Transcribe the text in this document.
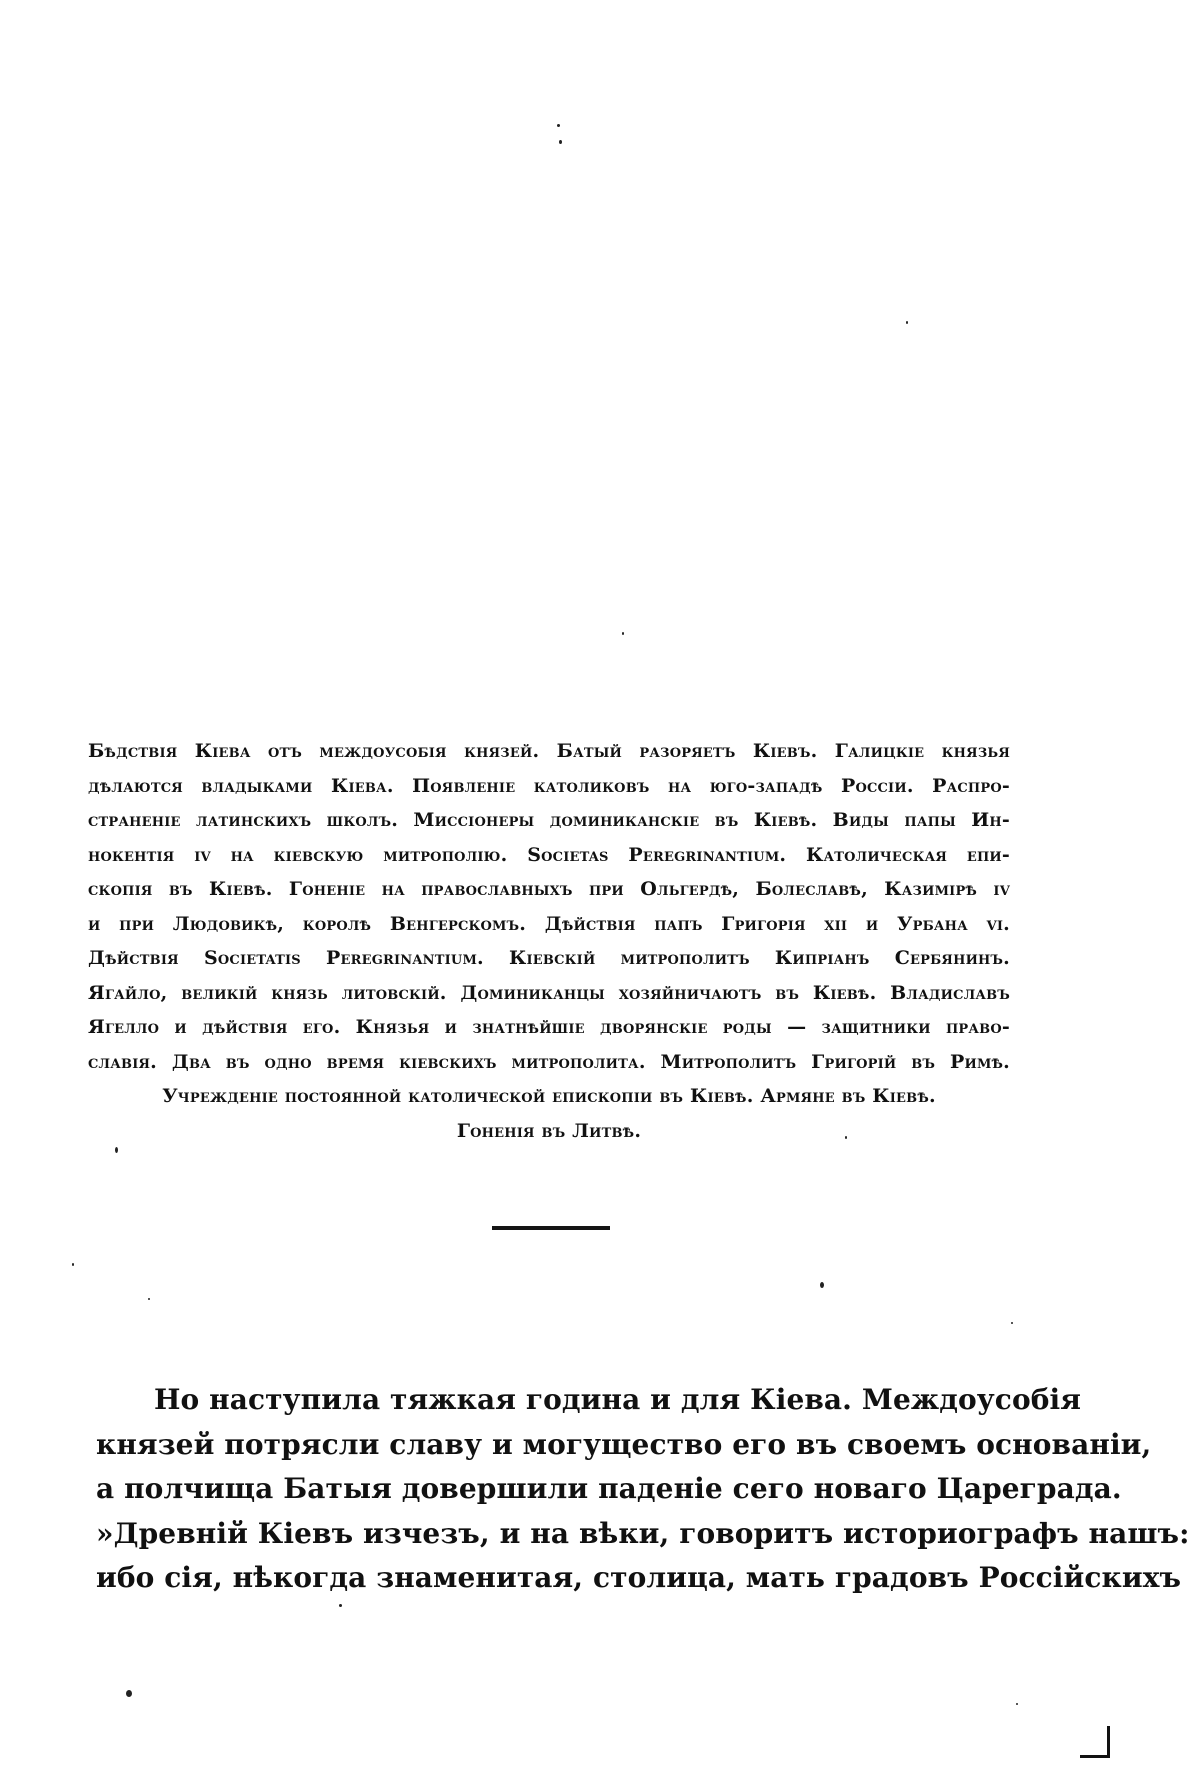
Бѣдствія Кіева отъ междоусобія князей. Батый разоряетъ Кіевъ. Галицкіе князья
дѣлаются владыками Кіева. Появленіе католиковъ на юго-западѣ Россіи. Распро-
страненіе латинскихъ школъ. Миссіонеры доминиканскіе въ Кіевѣ. Виды папы Ин-
нокентія iv на кіевскую митрополію. Societas Peregrinantium. Католическая епи-
скопія въ Кіевѣ. Гоненіе на православныхъ при Ольгердѣ, Болеславѣ, Казимірѣ iv
и при Людовикѣ, королѣ Венгерскомъ. Дѣйствія папъ Григорія xii и Урбана vi.
Дѣйствія Societatis Peregrinantium. Кіевскій митрополитъ Кипріанъ Сербянинъ.
Ягайло, великій князь литовскій. Доминиканцы хозяйничаютъ въ Кіевѣ. Владиславъ
Ягелло и дѣйствія его. Князья и знатнѣйшіе дворянскіе роды — защитники право-
славія. Два въ одно время кіевскихъ митрополита. Митрополитъ Григорій въ Римѣ.
Учрежденіе постоянной католической епископіи въ Кіевѣ. Армяне въ Кіевѣ.
Гоненія въ Литвѣ.
Но наступила тяжкая година и для Кіева. Междоусобія
князей потрясли славу и могущество его въ своемъ основаніи,
а полчища Батыя довершили паденіе сего новаго Цареграда.
»Древній Кіевъ изчезъ, и на вѣки, говоритъ историографъ нашъ:
ибо сія, нѣкогда знаменитая, столица, мать градовъ Россійскихъ
